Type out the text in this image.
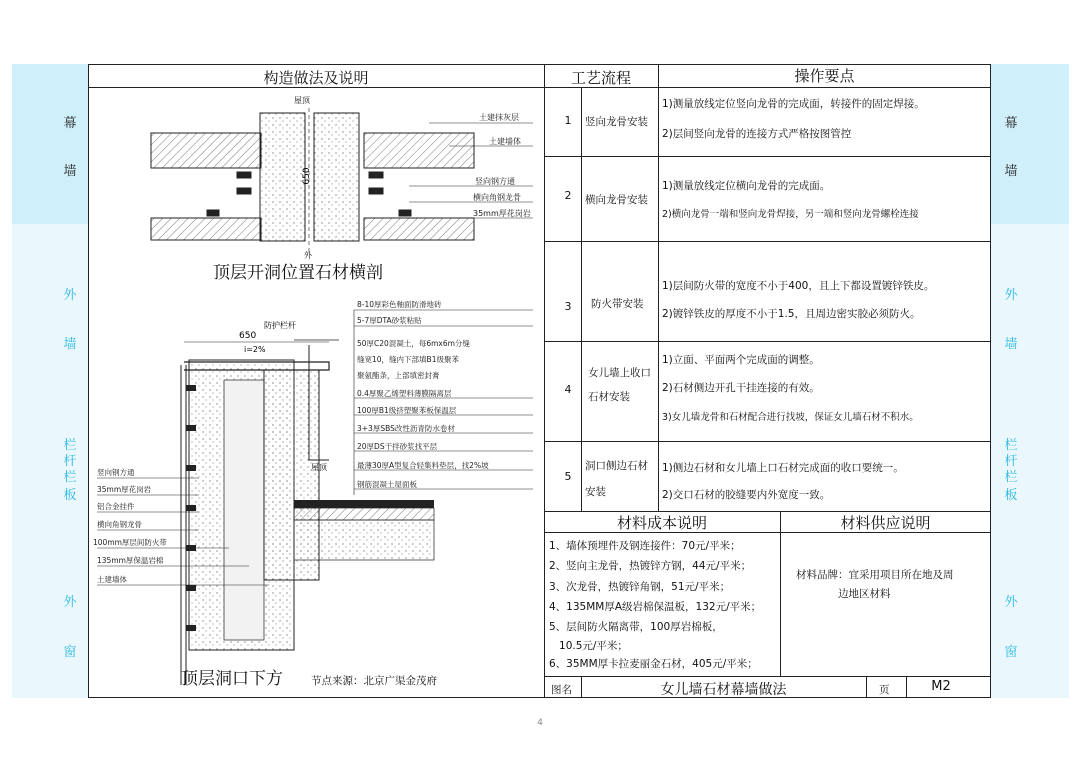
幕
墙
外
墙
栏
杆
栏
板
外
窗
幕
墙
外
墙
栏
杆
栏
板
外
窗
构造做法及说明	工艺流程	操作要点
材料成本说明	材料供应说明
1	竖向龙骨安装
1)测量放线定位竖向龙骨的完成面，转接件的固定焊接。
2)层间竖向龙骨的连接方式严格按图管控
2	横向龙骨安装
1)测量放线定位横向龙骨的完成面。
2)横向龙骨一端和竖向龙骨焊接，另一端和竖向龙骨螺栓连接
3	防火带安装
1)层间防火带的宽度不小于400，且上下都设置镀锌铁皮。
2)镀锌铁皮的厚度不小于1.5，且周边密实胶必须防火。
4
女儿墙上收口
石材安装
1)立面、平面两个完成面的调整。
2)石材侧边开孔干挂连接的有效。
3)女儿墙龙骨和石材配合进行找坡，保证女儿墙石材不积水。
5
洞口侧边石材
安装
1)侧边石材和女儿墙上口石材完成面的收口要统一。
2)交口石材的胶缝要内外宽度一致。
1、墙体预埋件及钢连接件：70元/平米；
2、竖向主龙骨，热镀锌方钢，44元/平米；
3、次龙骨，热镀锌角钢，51元/平米；
4、135MM厚A级岩棉保温板，132元/平米；
5、层间防火隔离带，100厚岩棉板，
10.5元/平米；
6、35MM厚卡拉麦丽金石材，405元/平米；
材料品牌：宜采用项目所在地及周
边地区材料
图名	女儿墙石材幕墙做法	页	M2
4
650
屋顶
外
土建抹灰层
土建墙体
竖向钢方通
横向角钢龙骨
35mm厚花岗岩
顶层开洞位置石材横剖
650
i=2%
防护栏杆
屋顶
8-10厚彩色釉面防滑地砖
5-7厚DTA砂浆粘贴
50厚C20混凝土，每6mx6m分缝
缝宽10，缝内下部填B1级聚苯
聚氨酯条，上部填密封膏
0.4厚聚乙烯塑料薄膜隔离层
100厚B1级挤塑聚苯板保温层
3+3厚SBS改性沥青防水卷材
20厚DS干拌砂浆找平层
最薄30厚A型复合轻集料垫层，找2%坡
钢筋混凝土屋面板
竖向钢方通
35mm厚花岗岩
铝合金挂件
横向角钢龙骨
100mm厚层间防火带
135mm厚保温岩棉
土建墙体
顶层洞口下方	节点来源：北京广渠金茂府
